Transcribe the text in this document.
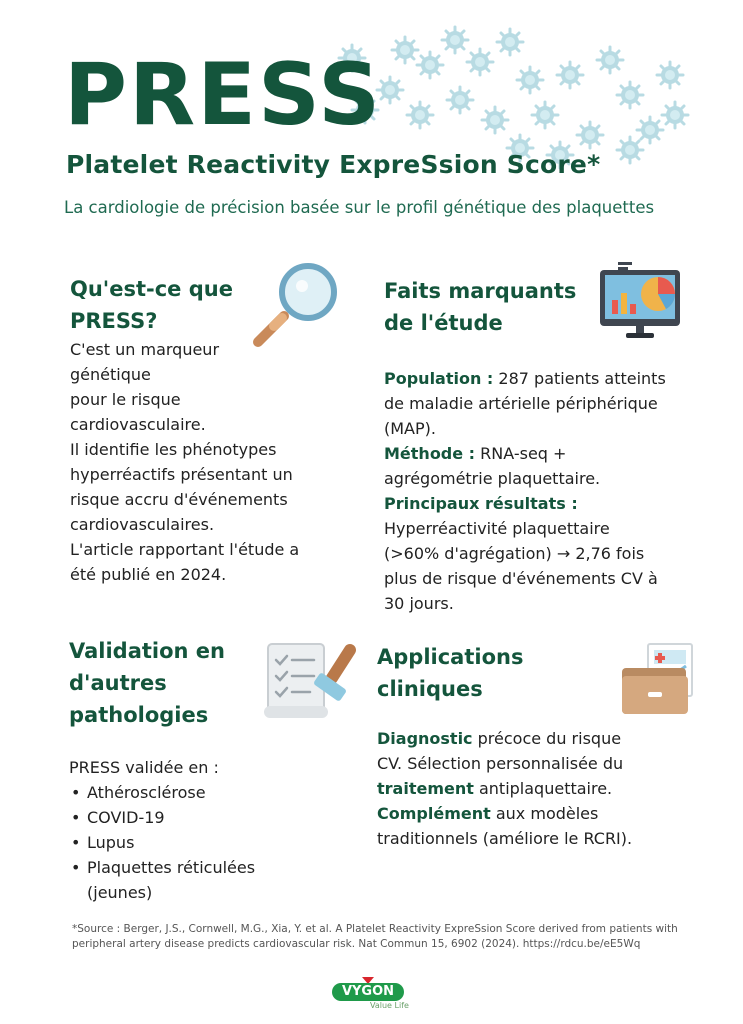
PRESS
Platelet Reactivity ExpreSsion Score*
La cardiologie de précision basée sur le profil génétique des plaquettes
Qu'est-ce que
PRESS?
C'est un marqueur
génétique
pour le risque
cardiovasculaire.
Il identifie les phénotypes
hyperréactifs présentant un
risque accru d'événements
cardiovasculaires.
L'article rapportant l'étude a
été publié en 2024.
Faits marquants
de l'étude
Population : 287 patients atteints
de maladie artérielle périphérique
(MAP).
Méthode : RNA-seq +
agrégométrie plaquettaire.
Principaux résultats :
Hyperréactivité plaquettaire
(>60% d'agrégation) → 2,76 fois
plus de risque d'événements CV à
30 jours.
Validation en
d'autres
pathologies
PRESS validée en :
• Athérosclérose
• COVID-19
• Lupus
• Plaquettes réticulées
(jeunes)
Applications
cliniques
Diagnostic précoce du risque
CV. Sélection personnalisée du
traitement antiplaquettaire.
Complément aux modèles
traditionnels (améliore le RCRI).
*Source : Berger, J.S., Cornwell, M.G., Xia, Y. et al. A Platelet Reactivity ExpreSsion Score derived from patients with
peripheral artery disease predicts cardiovascular risk. Nat Commun 15, 6902 (2024). https://rdcu.be/eE5Wq
VYGON
Value Life
